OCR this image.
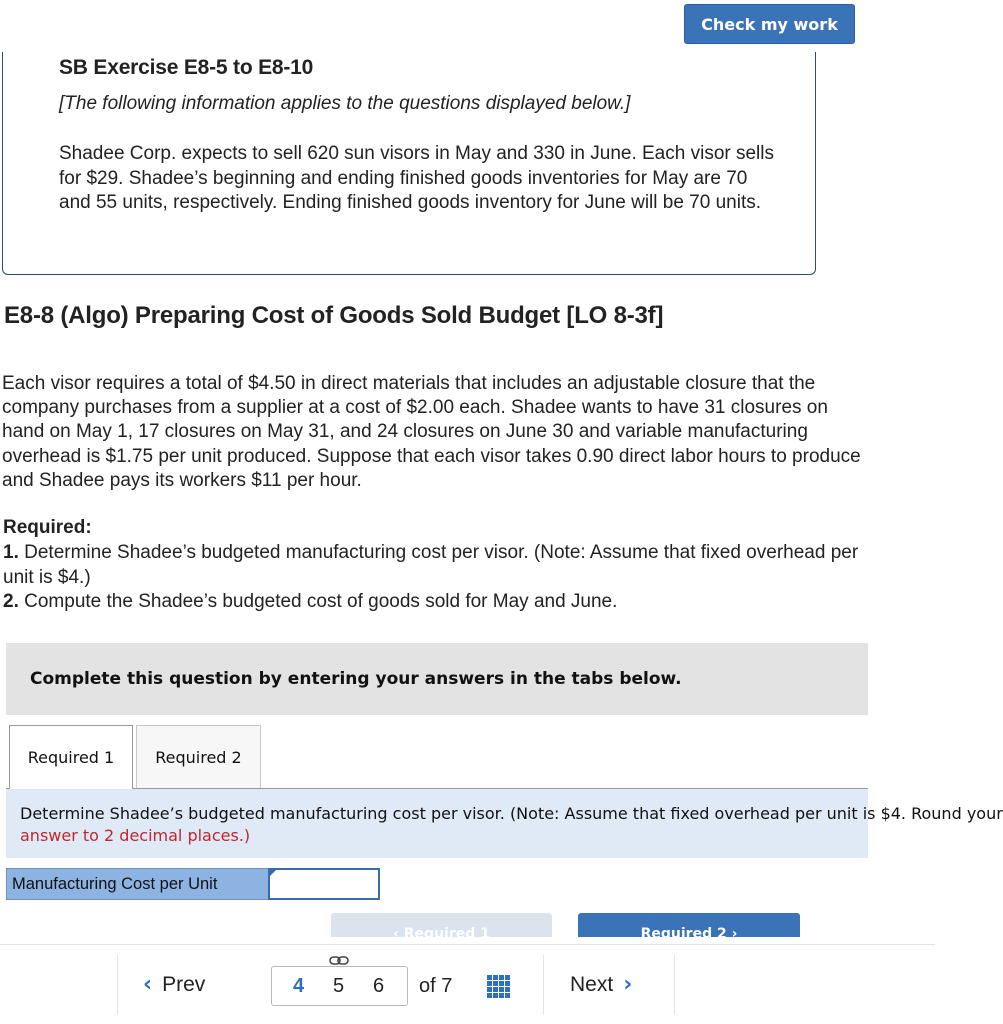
Check my work
SB Exercise E8-5 to E8-10
[The following information applies to the questions displayed below.]
Shadee Corp. expects to sell 620 sun visors in May and 330 in June. Each visor sells for $29. Shadee’s beginning and ending finished goods inventories for May are 70 and 55 units, respectively. Ending finished goods inventory for June will be 70 units.
E8-8 (Algo) Preparing Cost of Goods Sold Budget [LO 8-3f]
Each visor requires a total of $4.50 in direct materials that includes an adjustable closure that the company purchases from a supplier at a cost of $2.00 each. Shadee wants to have 31 closures on hand on May 1, 17 closures on May 31, and 24 closures on June 30 and variable manufacturing overhead is $1.75 per unit produced. Suppose that each visor takes 0.90 direct labor hours to produce and Shadee pays its workers $11 per hour.
Required:
1. Determine Shadee’s budgeted manufacturing cost per visor. (Note: Assume that fixed overhead per unit is $4.)
2. Compute the Shadee’s budgeted cost of goods sold for May and June.
Complete this question by entering your answers in the tabs below.
Required 1	Required 2
Determine Shadee’s budgeted manufacturing cost per visor. (Note: Assume that fixed overhead per unit is $4. Round your
answer to 2 decimal places.)
Manufacturing Cost per Unit
‹ Required 1	Required 2 ›
‹ Prev	4 5 6 of 7	Next ›
